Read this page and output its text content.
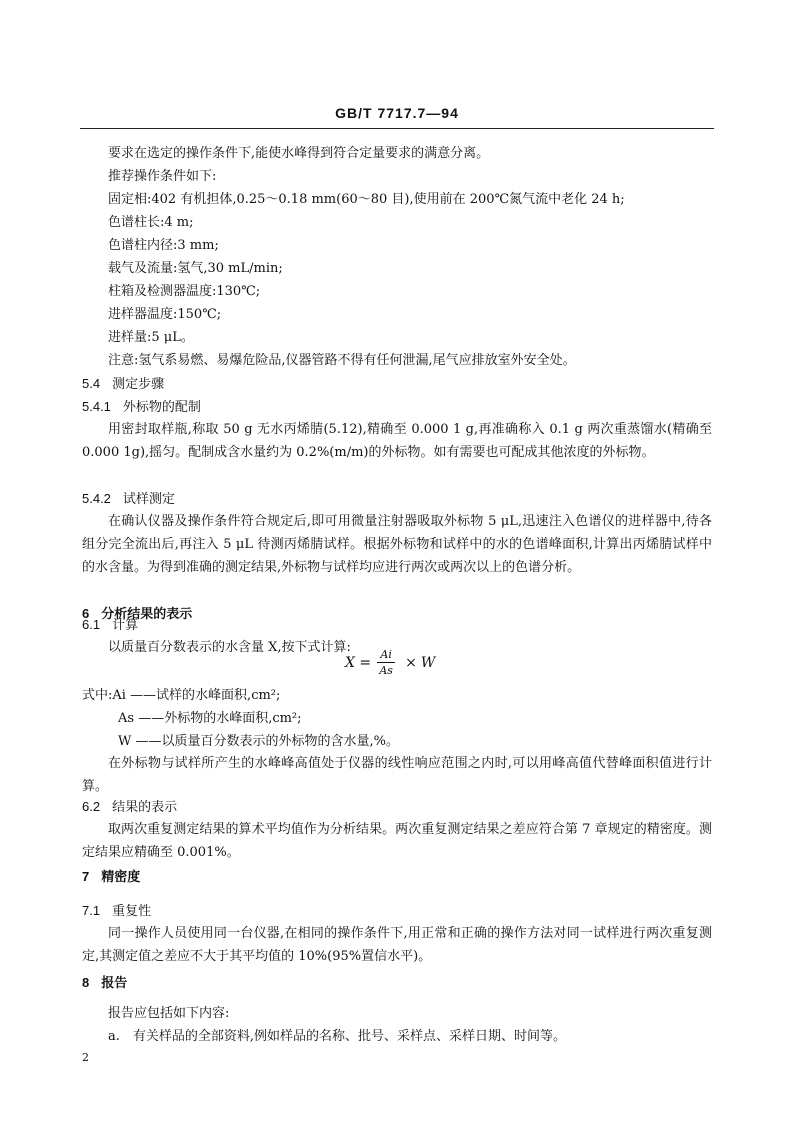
GB/T 7717.7—94
要求在选定的操作条件下,能使水峰得到符合定量要求的满意分离。
推荐操作条件如下:
固定相:402 有机担体,0.25～0.18 mm(60～80 目),使用前在 200℃氮气流中老化 24 h;
色谱柱长:4 m;
色谱柱内径:3 mm;
载气及流量:氢气,30 mL/min;
柱箱及检测器温度:130℃;
进样器温度:150℃;
进样量:5 μL。
注意:氢气系易燃、易爆危险品,仪器管路不得有任何泄漏,尾气应排放室外安全处。
5.4 测定步骤
5.4.1 外标物的配制
用密封取样瓶,称取 50 g 无水丙烯腈(5.12),精确至 0.000 1 g,再准确称入 0.1 g 两次重蒸馏水(精确至 0.000 1g),摇匀。配制成含水量约为 0.2%(m/m)的外标物。如有需要也可配成其他浓度的外标物。
5.4.2 试样测定
在确认仪器及操作条件符合规定后,即可用微量注射器吸取外标物 5 μL,迅速注入色谱仪的进样器中,待各组分完全流出后,再注入 5 μL 待测丙烯腈试样。根据外标物和试样中的水的色谱峰面积,计算出丙烯腈试样中的水含量。为得到准确的测定结果,外标物与试样均应进行两次或两次以上的色谱分析。
6 分析结果的表示
6.1 计算
以质量百分数表示的水含量 X,按下式计算:
$X = \frac{Ai}{As} \times W$
式中:Ai ——试样的水峰面积,cm²;
As ——外标物的水峰面积,cm²;
W ——以质量百分数表示的外标物的含水量,%。
在外标物与试样所产生的水峰峰高值处于仪器的线性响应范围之内时,可以用峰高值代替峰面积值进行计算。
6.2 结果的表示
取两次重复测定结果的算术平均值作为分析结果。两次重复测定结果之差应符合第 7 章规定的精密度。测定结果应精确至 0.001%。
7 精密度
7.1 重复性
同一操作人员使用同一台仪器,在相同的操作条件下,用正常和正确的操作方法对同一试样进行两次重复测定,其测定值之差应不大于其平均值的 10%(95%置信水平)。
8 报告
报告应包括如下内容:
a.　有关样品的全部资料,例如样品的名称、批号、采样点、采样日期、时间等。
2
